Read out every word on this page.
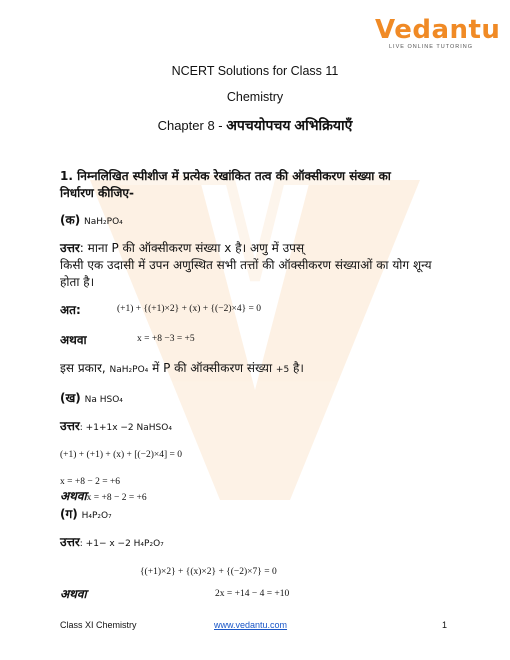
Vedantu
LIVE ONLINE TUTORING
NCERT Solutions for Class 11
Chemistry
Chapter 8 - अपचयोपचय अभिक्रियाएँ
1. निम्नलिखित स्पीशीज में प्रत्येक रेखांकित तत्व की ऑक्सीकरण संख्या का
निर्धारण कीजिए-
(क) NaH₂PO₄
उत्तर: माना P की ऑक्सीकरण संख्या x है। अणु में उपस्
किसी एक उदासी में उपन अणुस्थित सभी तत्तों की ऑक्सीकरण संख्याओं का योग शून्य
होता है।
अत:	(+1) + {(+1)×2} + (x) + {(−2)×4} = 0
अथवा	x = +8 −3 = +5
इस प्रकार, NaH₂PO₄ में P की ऑक्सीकरण संख्या +5 है।
(ख) Na HSO₄
उत्तर: +1+1x −2 NaHSO₄
(+1) + (+1) + (x) + [(−2)×4] = 0
x = +8 − 2 = +6
अथवाx = +8 − 2 = +6
(ग) H₄P₂O₇
उत्तर: +1− x −2 H₄P₂O₇
{(+1)×2} + {(x)×2} + {(−2)×7} = 0
अथवा	2x = +14 − 4 = +10
Class XI Chemistry	www.vedantu.com	1
